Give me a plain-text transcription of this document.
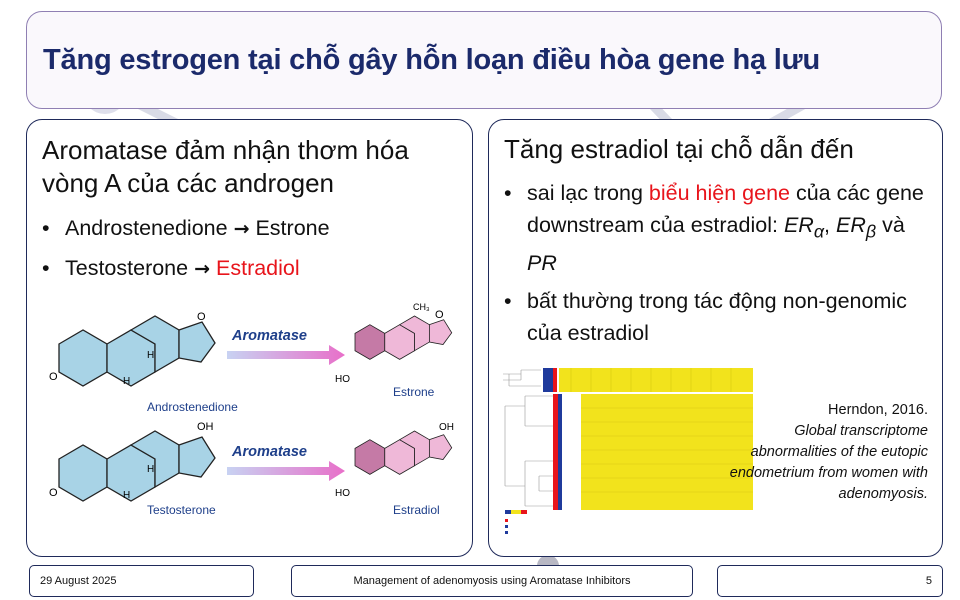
Tăng estrogen tại chỗ gây hỗn loạn điều hòa gene hạ lưu
Aromatase đảm nhận thơm hóa vòng A của các androgen
• Androstenedione → Estrone
• Testosterone → Estradiol
O
O
H
H
Androstenedione
Aromatase
HO
O
CH₃
Estrone
O
OH
H
H
Testosterone
Aromatase
HO
OH
Estradiol
Tăng estradiol tại chỗ dẫn đến
• sai lạc trong biểu hiện gene của các gene downstream của estradiol: $ER_\alpha$, $ER_\beta$ và PR
• bất thường trong tác động non-genomic của estradiol
Herndon, 2016.
Global transcriptome abnormalities of the eutopic endometrium from women with adenomyosis.
29 August 2025	Management of adenomyosis using Aromatase Inhibitors	5
